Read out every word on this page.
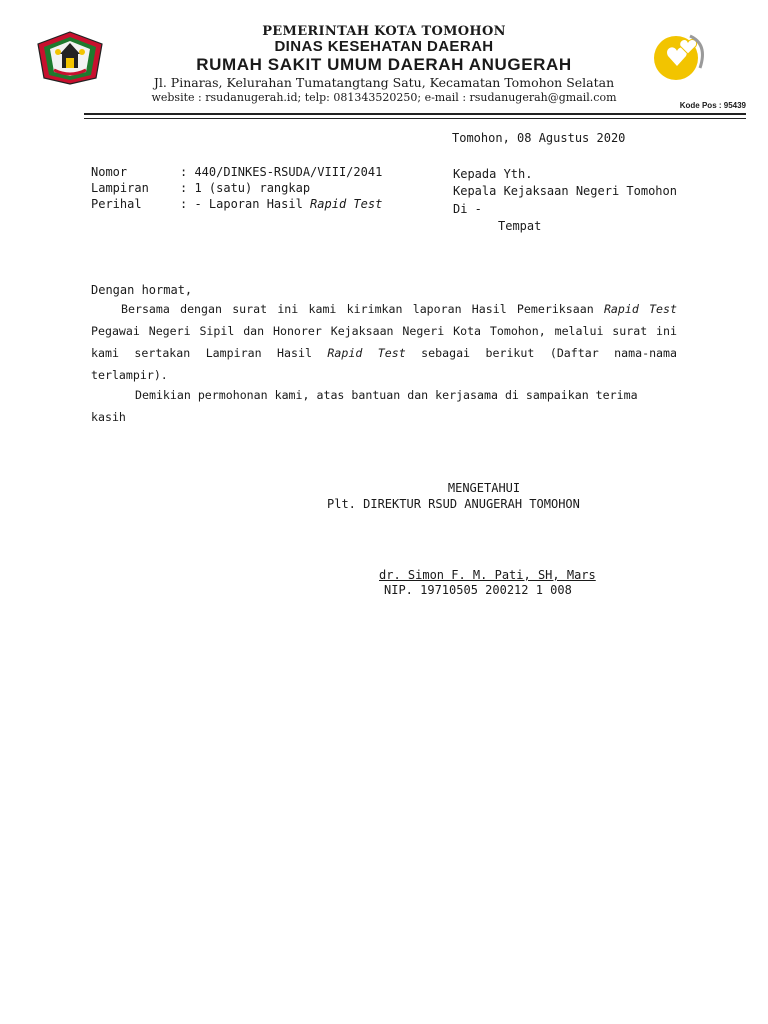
PEMERINTAH KOTA TOMOHON
DINAS KESEHATAN DAERAH
RUMAH SAKIT UMUM DAERAH ANUGERAH
Jl. Pinaras, Kelurahan Tumatangtang Satu, Kecamatan Tomohon Selatan
website : rsudanugerah.id; telp: 081343520250; e-mail : rsudanugerah@gmail.com
Kode Pos : 95439
Tomohon, 08 Agustus 2020
Nomor	: 440/DINKES-RSUDA/VIII/2041
Lampiran	: 1 (satu) rangkap
Perihal	: - Laporan Hasil Rapid Test
Kepada Yth.
Kepala Kejaksaan Negeri Tomohon
Di -
Tempat
Dengan hormat,

Bersama dengan surat ini kami kirimkan laporan Hasil Pemeriksaan Rapid Test Pegawai Negeri Sipil dan Honorer Kejaksaan Negeri Kota Tomohon, melalui surat ini kami sertakan Lampiran Hasil Rapid Test sebagai berikut (Daftar nama-nama terlampir).

Demikian permohonan kami, atas bantuan dan kerjasama di sampaikan terima kasih

MENGETAHUI
Plt. DIREKTUR RSUD ANUGERAH TOMOHON
dr. Simon F. M. Pati, SH, Mars
NIP. 19710505 200212 1 008
